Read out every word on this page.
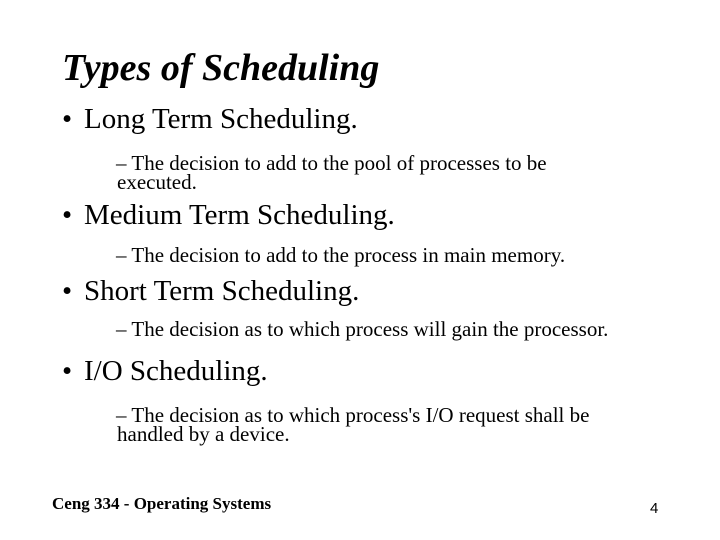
Types of Scheduling
• Long Term Scheduling.
– The decision to add to the pool of processes to be
executed.
• Medium Term Scheduling.
– The decision to add to the process in main memory.
• Short Term Scheduling.
– The decision as to which process will gain the processor.
• I/O Scheduling.
– The decision as to which process's I/O request shall be
handled by a device.
Ceng 334 - Operating Systems	4
